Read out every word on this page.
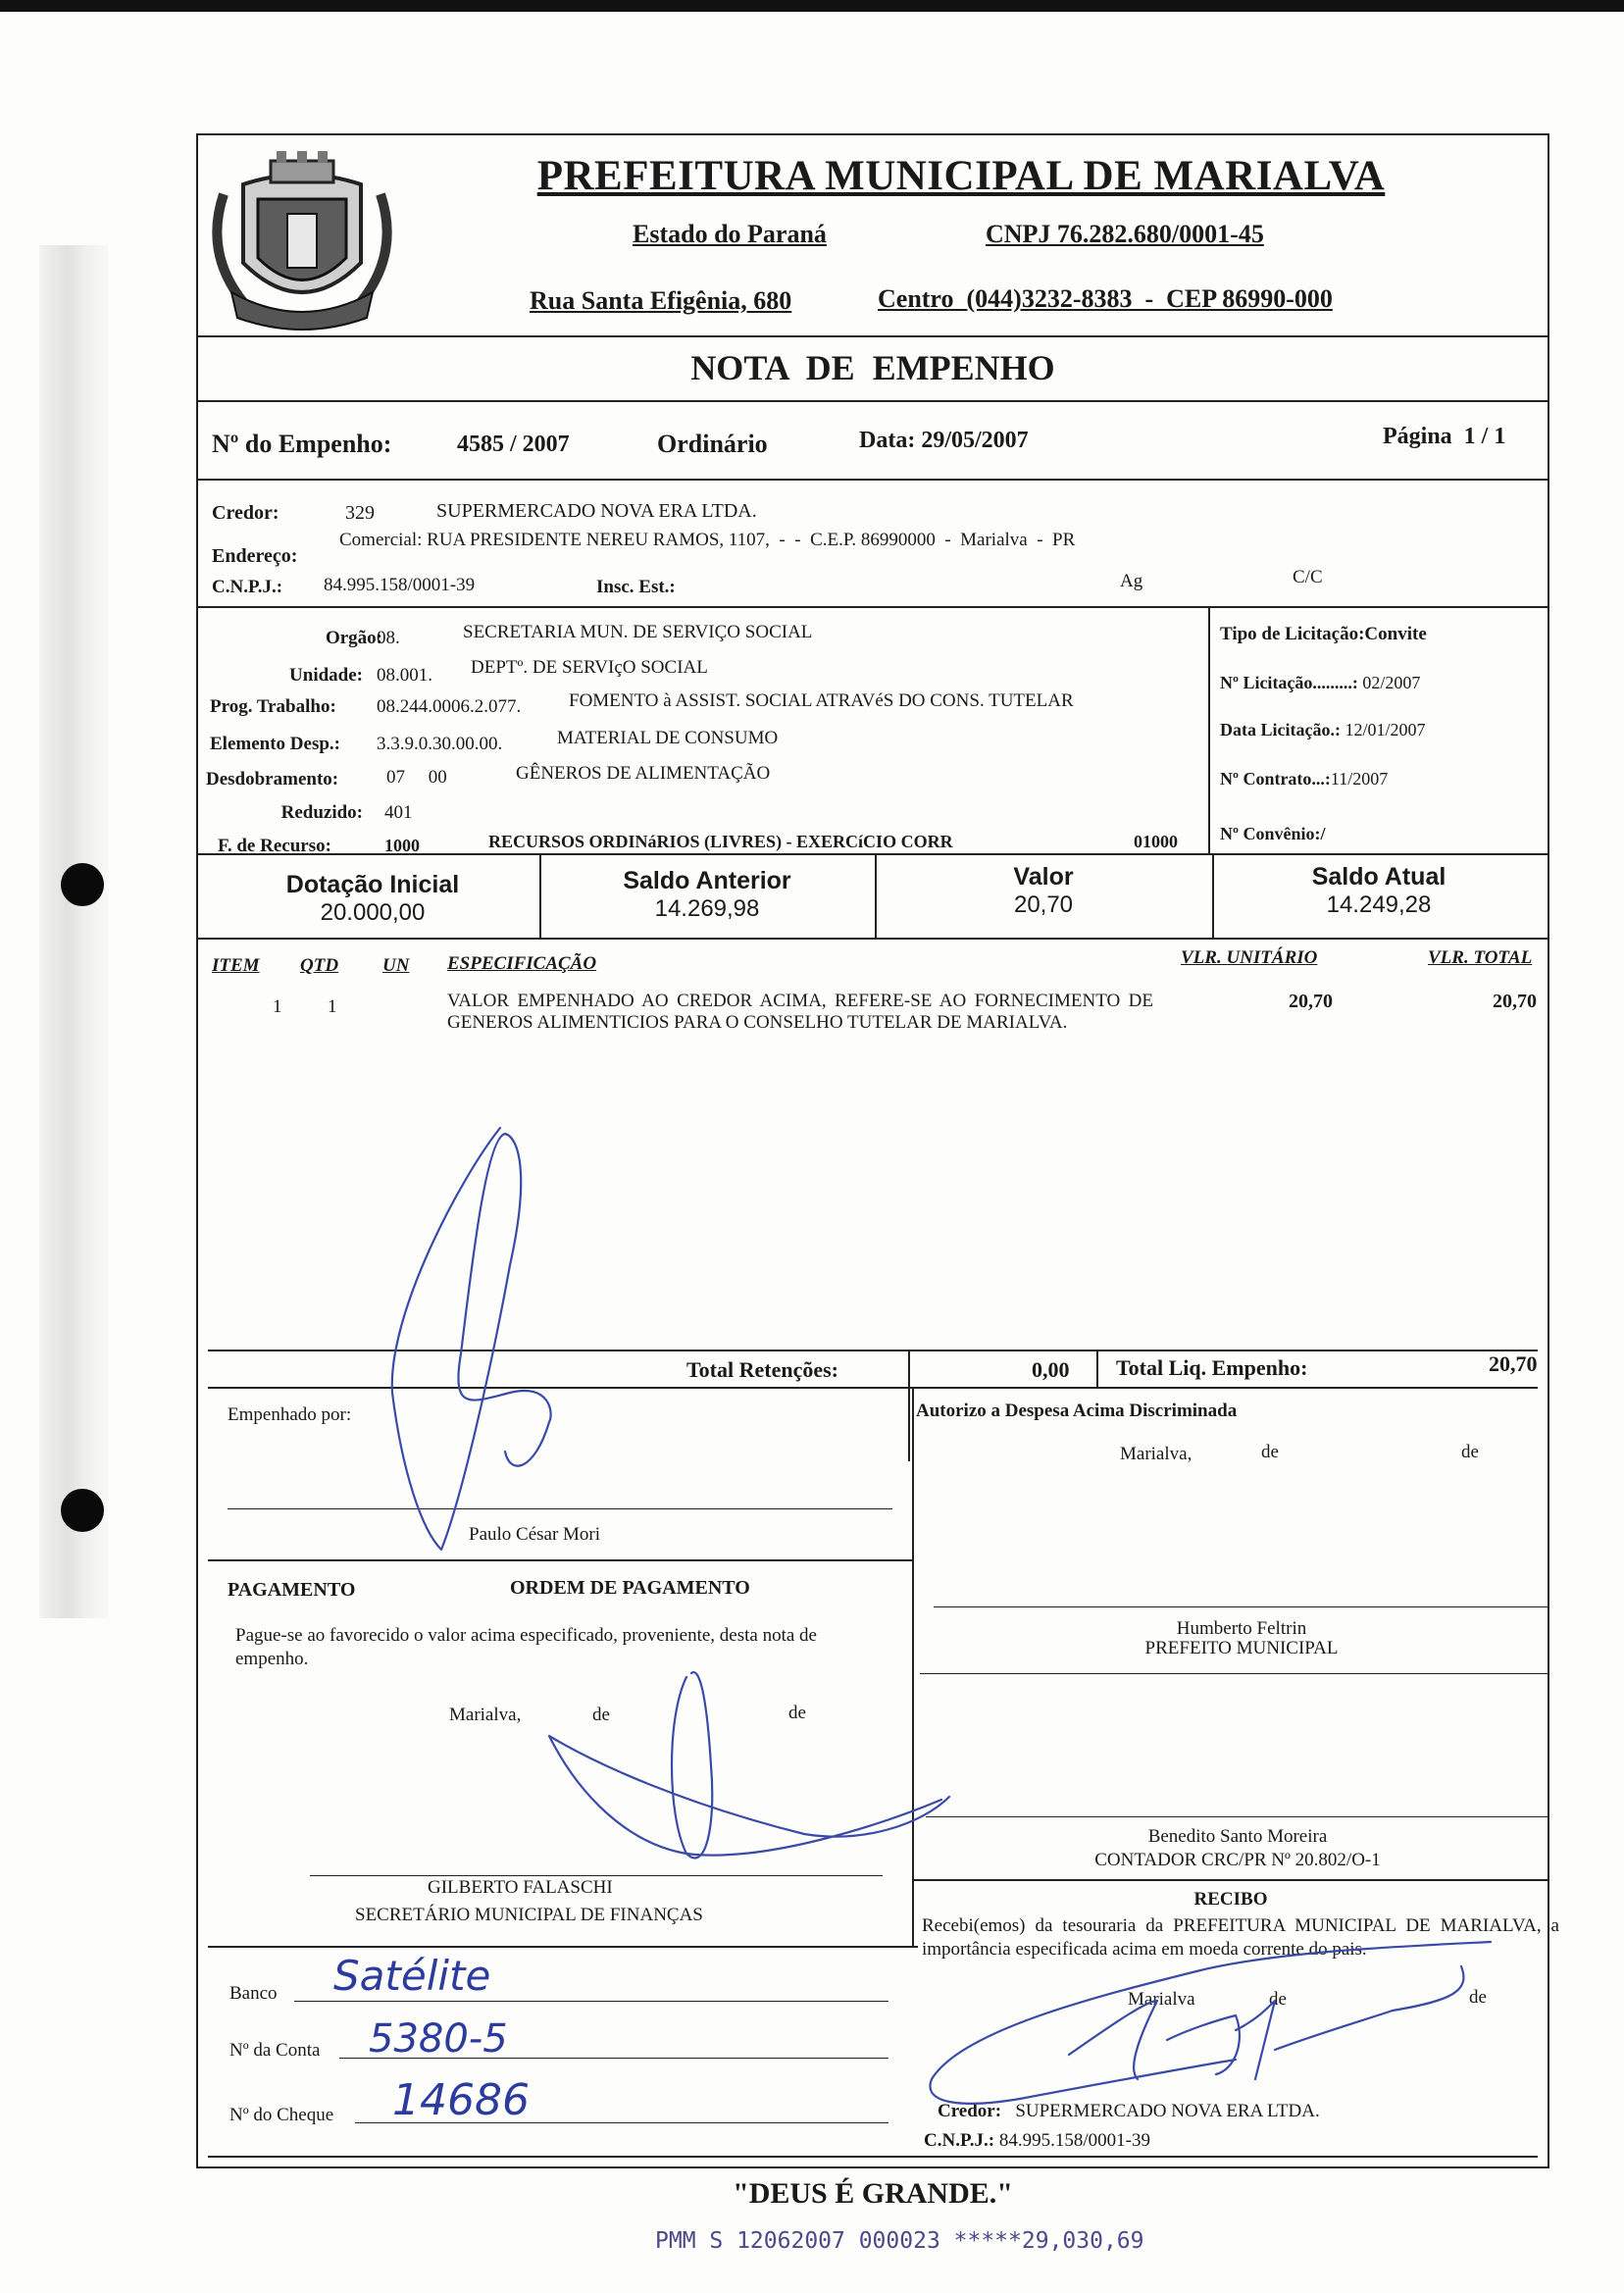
PREFEITURA MUNICIPAL DE MARIALVA
Estado do Paraná	CNPJ 76.282.680/0001-45
Rua Santa Efigênia, 680	Centro  (044)3232-8383  -  CEP 86990-000
NOTA  DE  EMPENHO
Nº do Empenho:	4585 / 2007	Ordinário	Data: 29/05/2007	Página  1 / 1
Credor:	329	SUPERMERCADO NOVA ERA LTDA.
Endereço:
Comercial: RUA PRESIDENTE NEREU RAMOS, 1107,  -  -  C.E.P. 86990000  -  Marialva  -  PR
C.N.P.J.: 84.995.158/0001-39	Insc. Est.:	Ag	C/C
Orgão:
08.	SECRETARIA MUN. DE SERVIÇO SOCIAL
Unidade: 08.001. DEPTº. DE SERVIçO SOCIAL
Prog. Trabalho: 08.244.0006.2.077.	FOMENTO à ASSIST. SOCIAL ATRAVéS DO CONS. TUTELAR
Elemento Desp.: 3.3.9.0.30.00.00.	MATERIAL DE CONSUMO
Desdobramento:	07     00	GÊNEROS DE ALIMENTAÇÃO
Reduzido: 401
F. de Recurso:	1000	RECURSOS ORDINáRIOS (LIVRES) - EXERCíCIO CORR	01000
Tipo de Licitação:Convite
Nº Licitação.........: 02/2007
Data Licitação.: 12/01/2007
Nº Contrato...:11/2007
Nº Convênio:/
Dotação Inicial
20.000,00
Saldo Anterior
14.269,98
Valor
20,70
Saldo Atual
14.249,28
ITEM QTD UN ESPECIFICAÇÃO	VLR. UNITÁRIO	VLR. TOTAL
1 1	VALOR EMPENHADO AO CREDOR ACIMA, REFERE-SE AO FORNECIMENTO DE GENEROS ALIMENTICIOS PARA O CONSELHO TUTELAR DE MARIALVA.
20,70	20,70
Total Retenções:	0,00 Total Liq. Empenho:	20,70
Empenhado por:
Paulo César Mori
PAGAMENTO	ORDEM DE PAGAMENTO
Pague-se ao favorecido o valor acima especificado, proveniente, desta nota de empenho.
Marialva,	de	de
GILBERTO FALASCHI
SECRETÁRIO MUNICIPAL DE FINANÇAS
Banco Satélite
Nº da Conta 5380-5
Nº do Cheque 14686
Autorizo a Despesa Acima Discriminada
Marialva,	de	de
Humberto Feltrin
PREFEITO MUNICIPAL
Benedito Santo Moreira
CONTADOR CRC/PR Nº 20.802/O-1
RECIBO
Recebi(emos) da tesouraria da PREFEITURA MUNICIPAL DE MARIALVA, a importância especificada acima em moeda corrente do pais.
Marialva	de	de
Credor: SUPERMERCADO NOVA ERA LTDA.
C.N.P.J.: 84.995.158/0001-39
"DEUS É GRANDE."
PMM S 12062007 000023 *****29,030,69
